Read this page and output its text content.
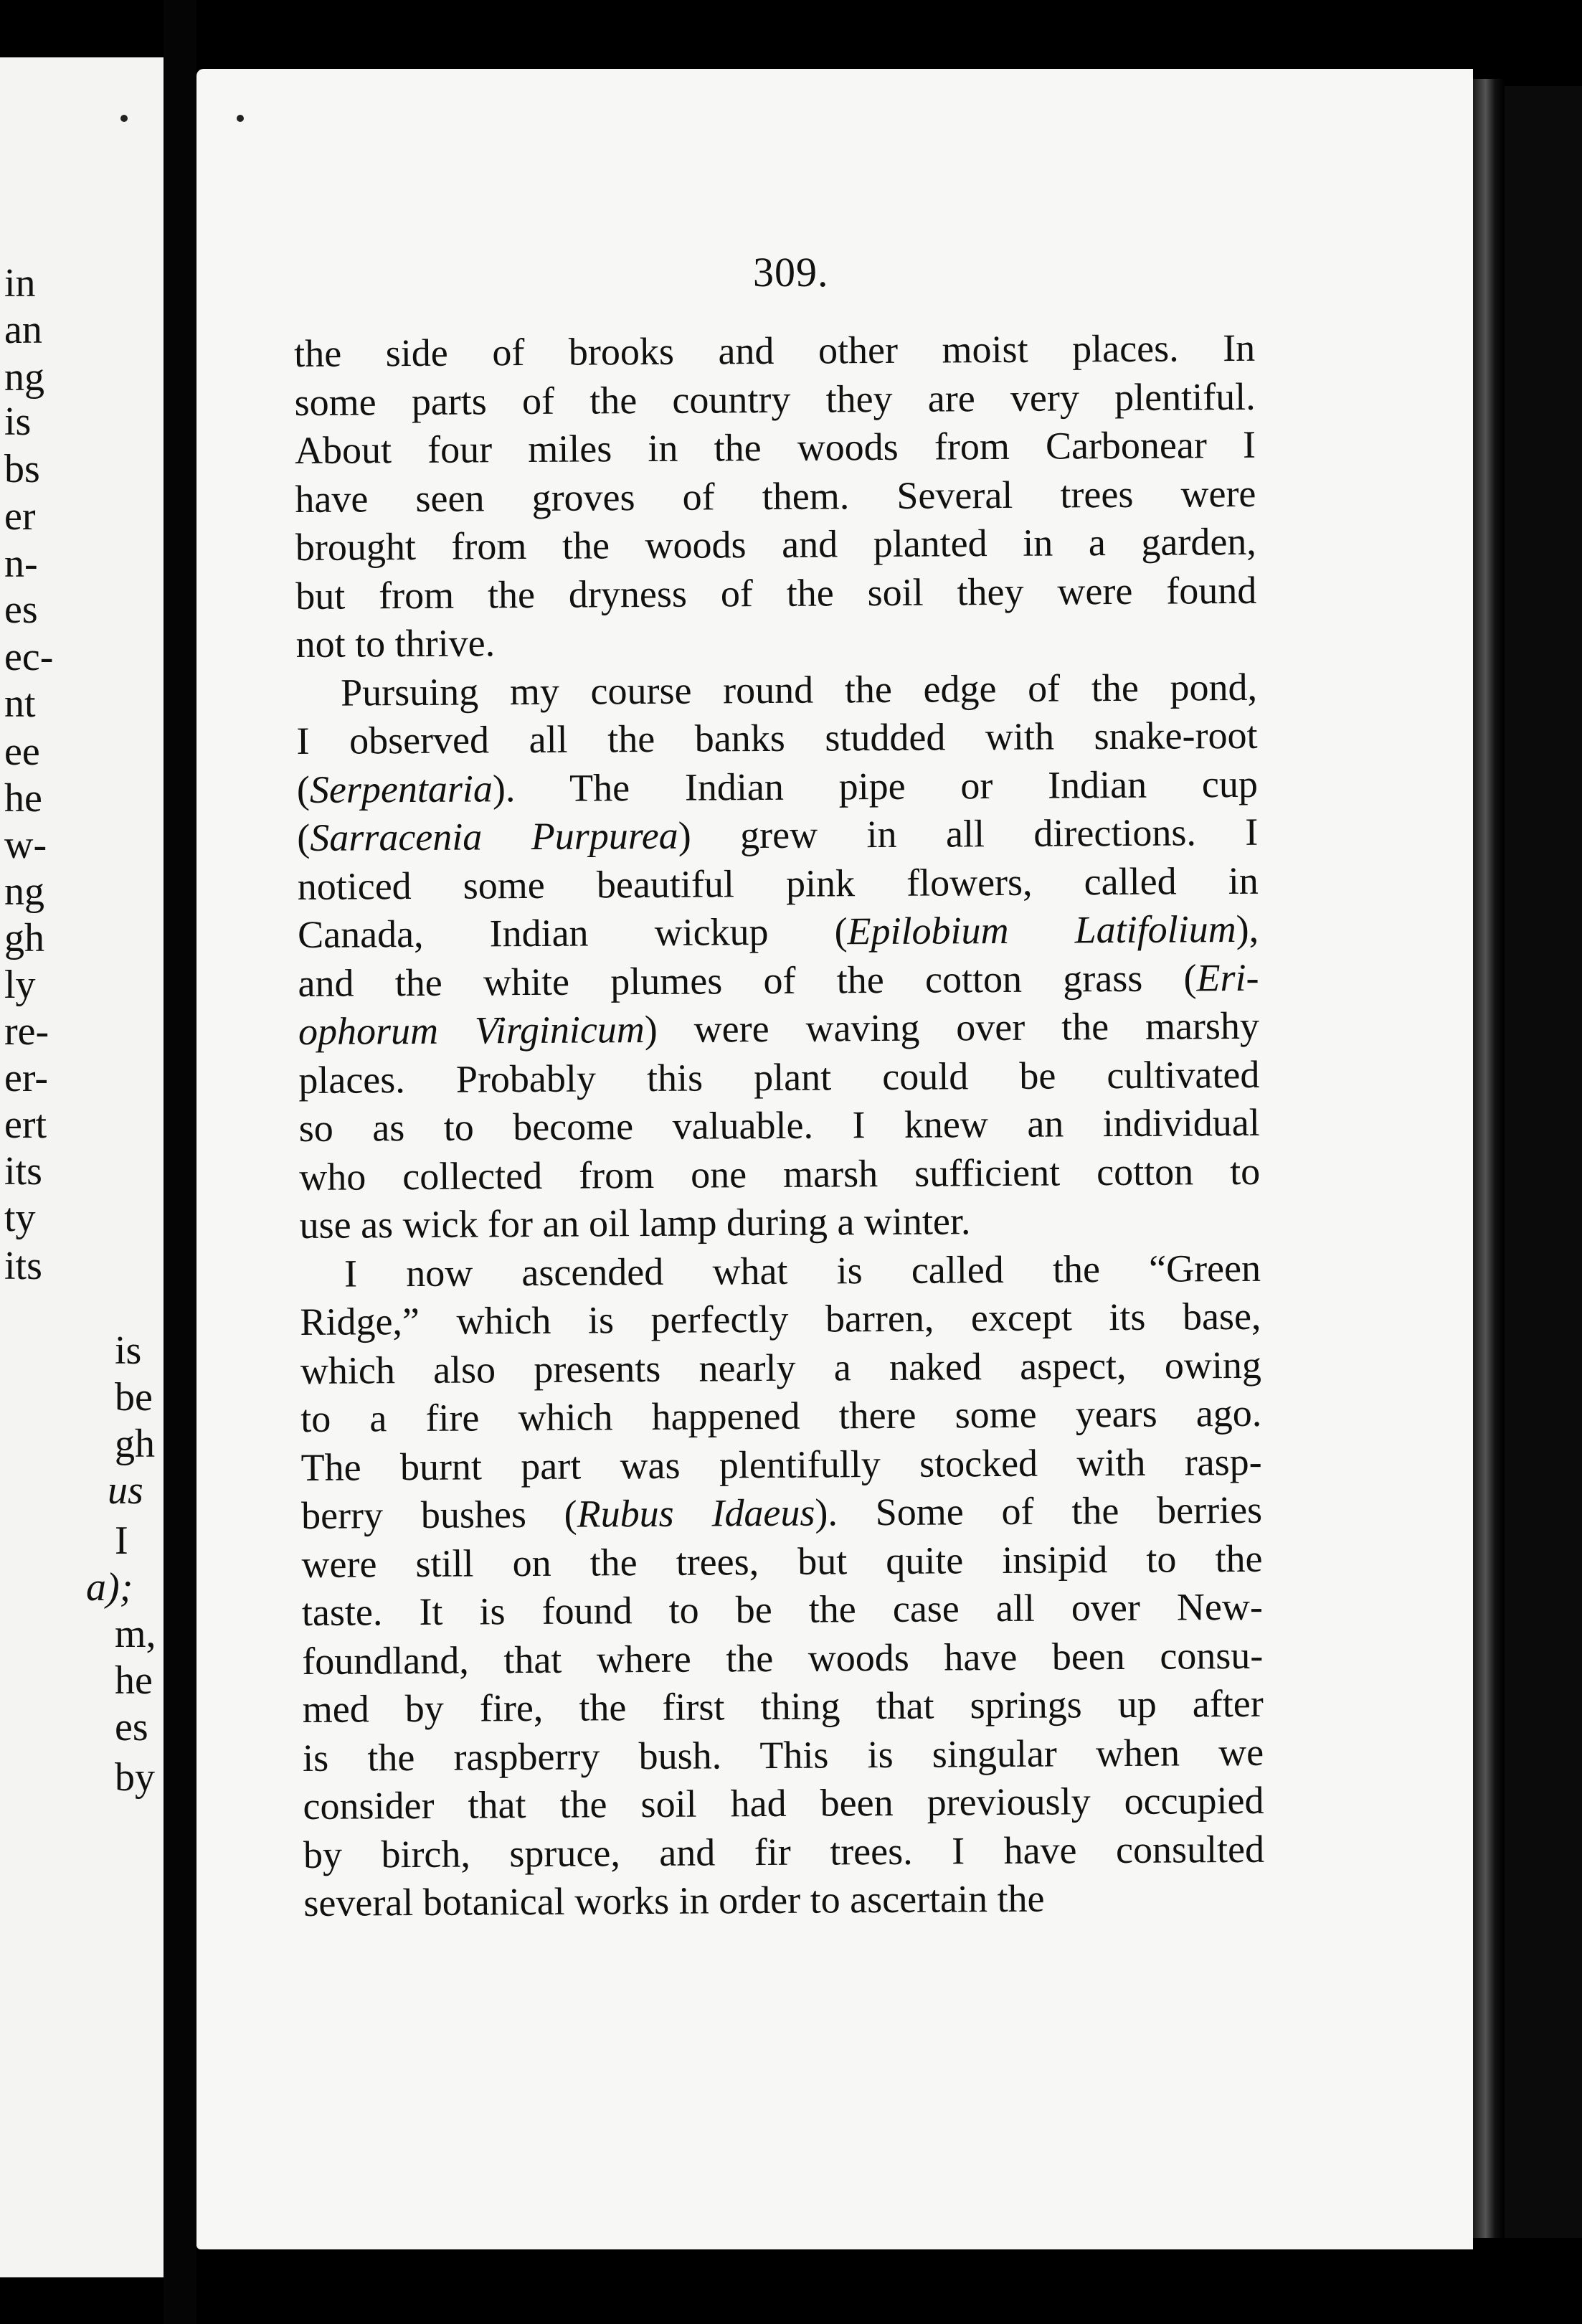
in
an
ng
is
bs
er
n-
es
ec-
nt
ee
he
w-
ng
gh
ly
re-
er-
ert
its
ty
its
is
be
gh
us
I
a);
m,
he
es
by
309.

the side of brooks and other moist places. In
some parts of the country they are very plentiful.
About four miles in the woods from Carbonear I
have seen groves of them. Several trees were
brought from the woods and planted in a garden,
but from the dryness of the soil they were found
not to thrive.

Pursuing my course round the edge of the pond,
I observed all the banks studded with snake-root
(Serpentaria). The Indian pipe or Indian cup
(Sarracenia Purpurea) grew in all directions. I
noticed some beautiful pink flowers, called in
Canada, Indian wickup (Epilobium Latifolium),
and the white plumes of the cotton grass (Eri-
ophorum Virginicum) were waving over the marshy
places. Probably this plant could be cultivated
so as to become valuable. I knew an individual
who collected from one marsh sufficient cotton to
use as wick for an oil lamp during a winter.

I now ascended what is called the “Green
Ridge,” which is perfectly barren, except its base,
which also presents nearly a naked aspect, owing
to a fire which happened there some years ago.
The burnt part was plentifully stocked with rasp-
berry bushes (Rubus Idaeus). Some of the berries
were still on the trees, but quite insipid to the
taste. It is found to be the case all over New-
foundland, that where the woods have been consu-
med by fire, the first thing that springs up after
is the raspberry bush. This is singular when we
consider that the soil had been previously occupied
by birch, spruce, and fir trees. I have consulted
several botanical works in order to ascertain the
